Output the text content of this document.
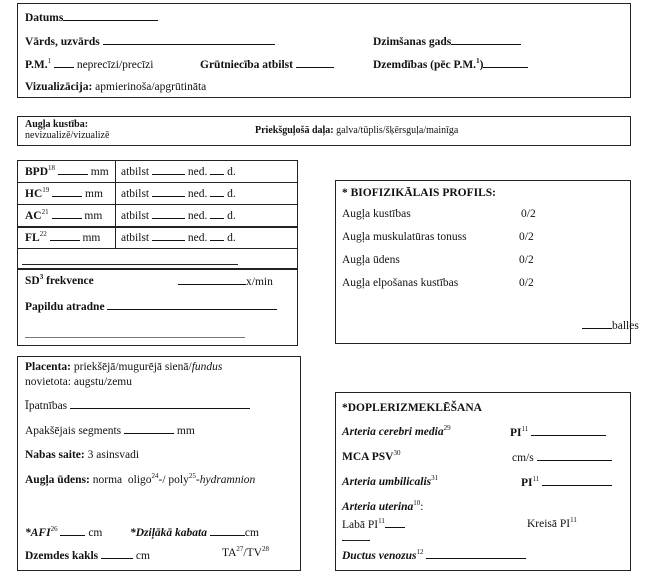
Datums
Vārds, uzvārds	Dzimšanas gads
P.M.$^1$ neprecīzi/precīzi	Grūtniecība atbilst	Dzemdības (pēc P.M.$^1$)
Vizualizācija: apmierinoša/apgrūtināta
Augļa kustība:
nevizualizē/vizualizē	Priekšguļošā daļa: galva/tūplis/šķērsguļa/mainīga
BPD$^{18}$	mm atbilst	ned. d.
HC$^{19}$	mm atbilst	ned. d.
AC$^{21}$	mm atbilst	ned. d.
FL$^{22}$	mm atbilst	ned. d.
$SD^3$ frekvence	x/min
Papildu atradne
* BIOFIZIKĀLAIS PROFILS:
Augļa kustības	0/2
Augļa muskulatūras tonuss	0/2
Augļa ūdens	0/2
Augļa elpošanas kustības	0/2
balles
Placenta: priekšējā/mugurējā sienā/fundus
novietota: augstu/zemu
Īpatnības
Apakšējais segments	mm
Nabas saite: 3 asinsvadi
Augļa ūdens: norma oligo$^{24}$-/ poly$^{25}$-hydramnion
*AFI$^{26}$	cm *Dziļākā kabata	cm
Dzemdes kakls	cm	TA$^{27}$/TV$^{28}$
*DOPLERIZMEKLĒŠANA
Arteria cerebri media$^{29}$	PI$^{11}$
MCA PSV$^{30}$	cm/s
Arteria umbilicalis$^{31}$	PI$^{11}$
Arteria uterina$^{10}$:
Labā PI$^{11}$	Kreisā PI$^{11}$
Ductus venozus$^{12}$
